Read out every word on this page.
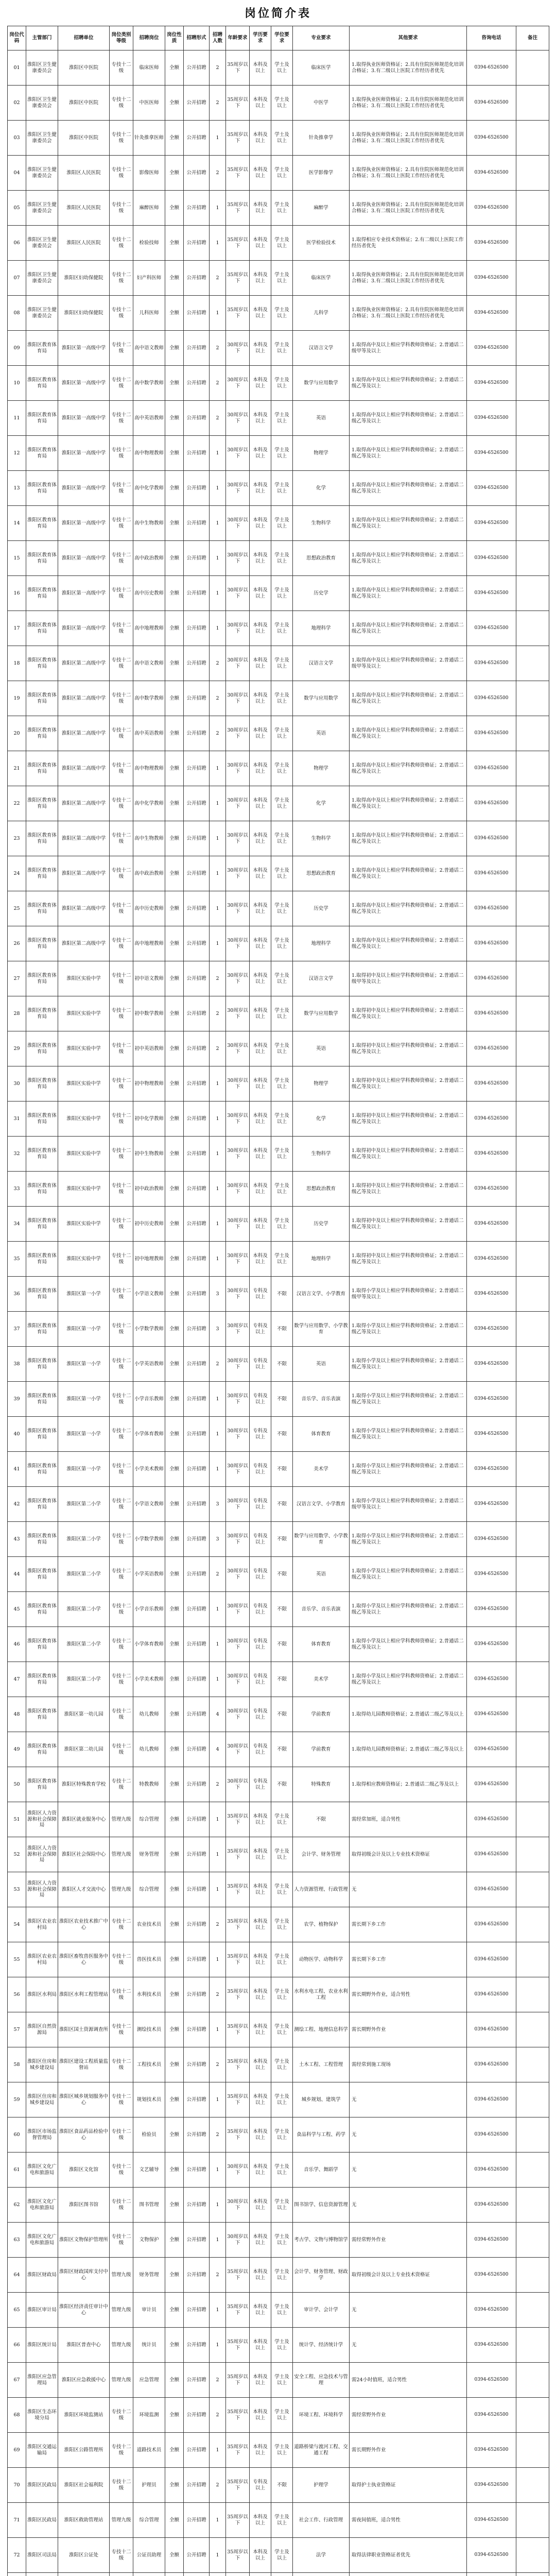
岗位简介表
岗位代码	主管部门	招聘单位	岗位类别等级	招聘岗位	岗位性质	招聘形式	招聘人数	年龄要求	学历要求	学位要求	专业要求	其他要求	咨询电话	备注
01	淮阳区卫生健康委员会	淮阳区中医院	专技十二级	临床医师	全额	公开招聘	2	35周岁以下	本科及以上	学士及以上	临床医学	1.取得执业医师资格证；2.具有住院医师规范化培训合格证；3.有二级以上医院工作经历者优先	0394-6526500	
02	淮阳区卫生健康委员会	淮阳区中医院	专技十二级	中医医师	全额	公开招聘	2	35周岁以下	本科及以上	学士及以上	中医学	1.取得执业医师资格证；2.具有住院医师规范化培训合格证；3.有二级以上医院工作经历者优先	0394-6526500	
03	淮阳区卫生健康委员会	淮阳区中医院	专技十二级	针灸推拿医师	全额	公开招聘	1	35周岁以下	本科及以上	学士及以上	针灸推拿学	1.取得执业医师资格证；2.具有住院医师规范化培训合格证；3.有二级以上医院工作经历者优先	0394-6526500	
04	淮阳区卫生健康委员会	淮阳区人民医院	专技十二级	影像医师	全额	公开招聘	2	35周岁以下	本科及以上	学士及以上	医学影像学	1.取得执业医师资格证；2.具有住院医师规范化培训合格证；3.有二级以上医院工作经历者优先	0394-6526500	
05	淮阳区卫生健康委员会	淮阳区人民医院	专技十二级	麻醉医师	全额	公开招聘	1	35周岁以下	本科及以上	学士及以上	麻醉学	1.取得执业医师资格证；2.具有住院医师规范化培训合格证；3.有二级以上医院工作经历者优先	0394-6526500	
06	淮阳区卫生健康委员会	淮阳区人民医院	专技十二级	检验技师	全额	公开招聘	1	35周岁以下	本科及以上	学士及以上	医学检验技术	1.取得相应专业技术资格证；2.有二级以上医院工作经历者优先	0394-6526500	
07	淮阳区卫生健康委员会	淮阳区妇幼保健院	专技十二级	妇产科医师	全额	公开招聘	2	35周岁以下	本科及以上	学士及以上	临床医学	1.取得执业医师资格证；2.具有住院医师规范化培训合格证；3.有二级以上医院工作经历者优先	0394-6526500	
08	淮阳区卫生健康委员会	淮阳区妇幼保健院	专技十二级	儿科医师	全额	公开招聘	1	35周岁以下	本科及以上	学士及以上	儿科学	1.取得执业医师资格证；2.具有住院医师规范化培训合格证；3.有二级以上医院工作经历者优先	0394-6526500	
09	淮阳区教育体育局	淮阳区第一高级中学	专技十二级	高中语文教师	全额	公开招聘	2	30周岁以下	本科及以上	学士及以上	汉语言文学	1.取得高中及以上相应学科教师资格证；2.普通话二级甲等及以上	0394-6526500	
10	淮阳区教育体育局	淮阳区第一高级中学	专技十二级	高中数学教师	全额	公开招聘	2	30周岁以下	本科及以上	学士及以上	数学与应用数学	1.取得高中及以上相应学科教师资格证；2.普通话二级乙等及以上	0394-6526500	
11	淮阳区教育体育局	淮阳区第一高级中学	专技十二级	高中英语教师	全额	公开招聘	2	30周岁以下	本科及以上	学士及以上	英语	1.取得高中及以上相应学科教师资格证；2.普通话二级乙等及以上	0394-6526500	
12	淮阳区教育体育局	淮阳区第一高级中学	专技十二级	高中物理教师	全额	公开招聘	1	30周岁以下	本科及以上	学士及以上	物理学	1.取得高中及以上相应学科教师资格证；2.普通话二级乙等及以上	0394-6526500	
13	淮阳区教育体育局	淮阳区第一高级中学	专技十二级	高中化学教师	全额	公开招聘	1	30周岁以下	本科及以上	学士及以上	化学	1.取得高中及以上相应学科教师资格证；2.普通话二级乙等及以上	0394-6526500	
14	淮阳区教育体育局	淮阳区第一高级中学	专技十二级	高中生物教师	全额	公开招聘	1	30周岁以下	本科及以上	学士及以上	生物科学	1.取得高中及以上相应学科教师资格证；2.普通话二级乙等及以上	0394-6526500	
15	淮阳区教育体育局	淮阳区第一高级中学	专技十二级	高中政治教师	全额	公开招聘	1	30周岁以下	本科及以上	学士及以上	思想政治教育	1.取得高中及以上相应学科教师资格证；2.普通话二级乙等及以上	0394-6526500	
16	淮阳区教育体育局	淮阳区第一高级中学	专技十二级	高中历史教师	全额	公开招聘	1	30周岁以下	本科及以上	学士及以上	历史学	1.取得高中及以上相应学科教师资格证；2.普通话二级乙等及以上	0394-6526500	
17	淮阳区教育体育局	淮阳区第一高级中学	专技十二级	高中地理教师	全额	公开招聘	1	30周岁以下	本科及以上	学士及以上	地理科学	1.取得高中及以上相应学科教师资格证；2.普通话二级乙等及以上	0394-6526500	
18	淮阳区教育体育局	淮阳区第二高级中学	专技十二级	高中语文教师	全额	公开招聘	2	30周岁以下	本科及以上	学士及以上	汉语言文学	1.取得高中及以上相应学科教师资格证；2.普通话二级甲等及以上	0394-6526500	
19	淮阳区教育体育局	淮阳区第二高级中学	专技十二级	高中数学教师	全额	公开招聘	2	30周岁以下	本科及以上	学士及以上	数学与应用数学	1.取得高中及以上相应学科教师资格证；2.普通话二级乙等及以上	0394-6526500	
20	淮阳区教育体育局	淮阳区第二高级中学	专技十二级	高中英语教师	全额	公开招聘	2	30周岁以下	本科及以上	学士及以上	英语	1.取得高中及以上相应学科教师资格证；2.普通话二级乙等及以上	0394-6526500	
21	淮阳区教育体育局	淮阳区第二高级中学	专技十二级	高中物理教师	全额	公开招聘	1	30周岁以下	本科及以上	学士及以上	物理学	1.取得高中及以上相应学科教师资格证；2.普通话二级乙等及以上	0394-6526500	
22	淮阳区教育体育局	淮阳区第二高级中学	专技十二级	高中化学教师	全额	公开招聘	1	30周岁以下	本科及以上	学士及以上	化学	1.取得高中及以上相应学科教师资格证；2.普通话二级乙等及以上	0394-6526500	
23	淮阳区教育体育局	淮阳区第二高级中学	专技十二级	高中生物教师	全额	公开招聘	1	30周岁以下	本科及以上	学士及以上	生物科学	1.取得高中及以上相应学科教师资格证；2.普通话二级乙等及以上	0394-6526500	
24	淮阳区教育体育局	淮阳区第二高级中学	专技十二级	高中政治教师	全额	公开招聘	1	30周岁以下	本科及以上	学士及以上	思想政治教育	1.取得高中及以上相应学科教师资格证；2.普通话二级乙等及以上	0394-6526500	
25	淮阳区教育体育局	淮阳区第二高级中学	专技十二级	高中历史教师	全额	公开招聘	1	30周岁以下	本科及以上	学士及以上	历史学	1.取得高中及以上相应学科教师资格证；2.普通话二级乙等及以上	0394-6526500	
26	淮阳区教育体育局	淮阳区第二高级中学	专技十二级	高中地理教师	全额	公开招聘	1	30周岁以下	本科及以上	学士及以上	地理科学	1.取得高中及以上相应学科教师资格证；2.普通话二级乙等及以上	0394-6526500	
27	淮阳区教育体育局	淮阳区实验中学	专技十二级	初中语文教师	全额	公开招聘	2	30周岁以下	本科及以上	学士及以上	汉语言文学	1.取得初中及以上相应学科教师资格证；2.普通话二级甲等及以上	0394-6526500	
28	淮阳区教育体育局	淮阳区实验中学	专技十二级	初中数学教师	全额	公开招聘	2	30周岁以下	本科及以上	学士及以上	数学与应用数学	1.取得初中及以上相应学科教师资格证；2.普通话二级乙等及以上	0394-6526500	
29	淮阳区教育体育局	淮阳区实验中学	专技十二级	初中英语教师	全额	公开招聘	2	30周岁以下	本科及以上	学士及以上	英语	1.取得初中及以上相应学科教师资格证；2.普通话二级乙等及以上	0394-6526500	
30	淮阳区教育体育局	淮阳区实验中学	专技十二级	初中物理教师	全额	公开招聘	1	30周岁以下	本科及以上	学士及以上	物理学	1.取得初中及以上相应学科教师资格证；2.普通话二级乙等及以上	0394-6526500	
31	淮阳区教育体育局	淮阳区实验中学	专技十二级	初中化学教师	全额	公开招聘	1	30周岁以下	本科及以上	学士及以上	化学	1.取得初中及以上相应学科教师资格证；2.普通话二级乙等及以上	0394-6526500	
32	淮阳区教育体育局	淮阳区实验中学	专技十二级	初中生物教师	全额	公开招聘	1	30周岁以下	本科及以上	学士及以上	生物科学	1.取得初中及以上相应学科教师资格证；2.普通话二级乙等及以上	0394-6526500	
33	淮阳区教育体育局	淮阳区实验中学	专技十二级	初中政治教师	全额	公开招聘	1	30周岁以下	本科及以上	学士及以上	思想政治教育	1.取得初中及以上相应学科教师资格证；2.普通话二级乙等及以上	0394-6526500	
34	淮阳区教育体育局	淮阳区实验中学	专技十二级	初中历史教师	全额	公开招聘	1	30周岁以下	本科及以上	学士及以上	历史学	1.取得初中及以上相应学科教师资格证；2.普通话二级乙等及以上	0394-6526500	
35	淮阳区教育体育局	淮阳区实验中学	专技十二级	初中地理教师	全额	公开招聘	1	30周岁以下	本科及以上	学士及以上	地理科学	1.取得初中及以上相应学科教师资格证；2.普通话二级乙等及以上	0394-6526500	
36	淮阳区教育体育局	淮阳区第一小学	专技十二级	小学语文教师	全额	公开招聘	3	30周岁以下	专科及以上	不限	汉语言文学、小学教育	1.取得小学及以上相应学科教师资格证；2.普通话二级甲等及以上	0394-6526500	
37	淮阳区教育体育局	淮阳区第一小学	专技十二级	小学数学教师	全额	公开招聘	3	30周岁以下	专科及以上	不限	数学与应用数学、小学教育	1.取得小学及以上相应学科教师资格证；2.普通话二级乙等及以上	0394-6526500	
38	淮阳区教育体育局	淮阳区第一小学	专技十二级	小学英语教师	全额	公开招聘	2	30周岁以下	专科及以上	不限	英语	1.取得小学及以上相应学科教师资格证；2.普通话二级乙等及以上	0394-6526500	
39	淮阳区教育体育局	淮阳区第一小学	专技十二级	小学音乐教师	全额	公开招聘	1	30周岁以下	专科及以上	不限	音乐学、音乐表演	1.取得小学及以上相应学科教师资格证；2.普通话二级乙等及以上	0394-6526500	
40	淮阳区教育体育局	淮阳区第一小学	专技十二级	小学体育教师	全额	公开招聘	1	30周岁以下	专科及以上	不限	体育教育	1.取得小学及以上相应学科教师资格证；2.普通话二级乙等及以上	0394-6526500	
41	淮阳区教育体育局	淮阳区第一小学	专技十二级	小学美术教师	全额	公开招聘	1	30周岁以下	专科及以上	不限	美术学	1.取得小学及以上相应学科教师资格证；2.普通话二级乙等及以上	0394-6526500	
42	淮阳区教育体育局	淮阳区第二小学	专技十二级	小学语文教师	全额	公开招聘	3	30周岁以下	专科及以上	不限	汉语言文学、小学教育	1.取得小学及以上相应学科教师资格证；2.普通话二级甲等及以上	0394-6526500	
43	淮阳区教育体育局	淮阳区第二小学	专技十二级	小学数学教师	全额	公开招聘	3	30周岁以下	专科及以上	不限	数学与应用数学、小学教育	1.取得小学及以上相应学科教师资格证；2.普通话二级乙等及以上	0394-6526500	
44	淮阳区教育体育局	淮阳区第二小学	专技十二级	小学英语教师	全额	公开招聘	2	30周岁以下	专科及以上	不限	英语	1.取得小学及以上相应学科教师资格证；2.普通话二级乙等及以上	0394-6526500	
45	淮阳区教育体育局	淮阳区第二小学	专技十二级	小学音乐教师	全额	公开招聘	1	30周岁以下	专科及以上	不限	音乐学、音乐表演	1.取得小学及以上相应学科教师资格证；2.普通话二级乙等及以上	0394-6526500	
46	淮阳区教育体育局	淮阳区第二小学	专技十二级	小学体育教师	全额	公开招聘	1	30周岁以下	专科及以上	不限	体育教育	1.取得小学及以上相应学科教师资格证；2.普通话二级乙等及以上	0394-6526500	
47	淮阳区教育体育局	淮阳区第二小学	专技十二级	小学美术教师	全额	公开招聘	1	30周岁以下	专科及以上	不限	美术学	1.取得小学及以上相应学科教师资格证；2.普通话二级乙等及以上	0394-6526500	
48	淮阳区教育体育局	淮阳区第一幼儿园	专技十二级	幼儿教师	全额	公开招聘	4	30周岁以下	专科及以上	不限	学前教育	1.取得幼儿园教师资格证；2.普通话二级乙等及以上	0394-6526500	
49	淮阳区教育体育局	淮阳区第二幼儿园	专技十二级	幼儿教师	全额	公开招聘	4	30周岁以下	专科及以上	不限	学前教育	1.取得幼儿园教师资格证；2.普通话二级乙等及以上	0394-6526500	
50	淮阳区教育体育局	淮阳区特殊教育学校	专技十二级	特教教师	全额	公开招聘	2	30周岁以下	专科及以上	不限	特殊教育	1.取得相应教师资格证；2.普通话二级乙等及以上	0394-6526500	
51	淮阳区人力资源和社会保障局	淮阳区就业服务中心	管理九级	综合管理	全额	公开招聘	1	35周岁以下	本科及以上	学士及以上	不限	需经常加班，适合男性	0394-6526500	
52	淮阳区人力资源和社会保障局	淮阳区社会保险中心	管理九级	财务管理	全额	公开招聘	1	35周岁以下	本科及以上	学士及以上	会计学、财务管理	取得初级会计及以上专业技术资格证	0394-6526500	
53	淮阳区人力资源和社会保障局	淮阳区人才交流中心	管理九级	综合管理	全额	公开招聘	1	35周岁以下	本科及以上	学士及以上	人力资源管理、行政管理	无	0394-6526500	
54	淮阳区农业农村局	淮阳区农业技术推广中心	专技十二级	农业技术员	全额	公开招聘	2	35周岁以下	本科及以上	学士及以上	农学、植物保护	需长期下乡工作	0394-6526500	
55	淮阳区农业农村局	淮阳区畜牧兽医服务中心	专技十二级	兽医技术员	全额	公开招聘	1	35周岁以下	本科及以上	学士及以上	动物医学、动物科学	需长期下乡工作	0394-6526500	
56	淮阳区水利局	淮阳区水利工程管理站	专技十二级	水利技术员	全额	公开招聘	2	35周岁以下	本科及以上	学士及以上	水利水电工程、农业水利工程	需长期野外作业，适合男性	0394-6526500	
57	淮阳区自然资源局	淮阳区国土资源调查所	专技十二级	测绘技术员	全额	公开招聘	1	35周岁以下	本科及以上	学士及以上	测绘工程、地理信息科学	需长期野外作业	0394-6526500	
58	淮阳区住房和城乡建设局	淮阳区建设工程质量监督站	专技十二级	工程技术员	全额	公开招聘	2	35周岁以下	本科及以上	学士及以上	土木工程、工程管理	需经常到施工现场	0394-6526500	
59	淮阳区住房和城乡建设局	淮阳区城乡规划服务中心	专技十二级	规划技术员	全额	公开招聘	1	35周岁以下	本科及以上	学士及以上	城乡规划、建筑学	无	0394-6526500	
60	淮阳区市场监督管理局	淮阳区食品药品检验中心	专技十二级	检验员	全额	公开招聘	2	35周岁以下	本科及以上	学士及以上	食品科学与工程、药学	无	0394-6526500	
61	淮阳区文化广电和旅游局	淮阳区文化馆	专技十二级	文艺辅导	全额	公开招聘	1	30周岁以下	本科及以上	学士及以上	音乐学、舞蹈学	无	0394-6526500	
62	淮阳区文化广电和旅游局	淮阳区图书馆	专技十二级	图书管理	全额	公开招聘	1	30周岁以下	本科及以上	学士及以上	图书馆学、信息资源管理	无	0394-6526500	
63	淮阳区文化广电和旅游局	淮阳区文物保护管理所	专技十二级	文物保护	全额	公开招聘	1	30周岁以下	本科及以上	学士及以上	考古学、文物与博物馆学	需经常野外作业	0394-6526500	
64	淮阳区财政局	淮阳区财政国库支付中心	管理九级	财务管理	全额	公开招聘	2	35周岁以下	本科及以上	学士及以上	会计学、财务管理、财政学	取得初级会计及以上专业技术资格证	0394-6526500	
65	淮阳区审计局	淮阳区经济责任审计中心	管理九级	审计员	全额	公开招聘	1	35周岁以下	本科及以上	学士及以上	审计学、会计学	无	0394-6526500	
66	淮阳区统计局	淮阳区普查中心	管理九级	统计员	全额	公开招聘	1	35周岁以下	本科及以上	学士及以上	统计学、经济统计学	无	0394-6526500	
67	淮阳区应急管理局	淮阳区应急救援中心	管理九级	应急管理	全额	公开招聘	2	35周岁以下	本科及以上	学士及以上	安全工程、应急技术与管理	需24小时值班，适合男性	0394-6526500	
68	淮阳区生态环境分局	淮阳区环境监测站	专技十二级	环境监测	全额	公开招聘	2	35周岁以下	本科及以上	学士及以上	环境工程、环境科学	需经常野外作业	0394-6526500	
69	淮阳区交通运输局	淮阳区公路管理所	专技十二级	道路技术员	全额	公开招聘	1	35周岁以下	本科及以上	学士及以上	道路桥梁与渡河工程、交通工程	需长期野外作业	0394-6526500	
70	淮阳区民政局	淮阳区社会福利院	专技十二级	护理员	全额	公开招聘	2	35周岁以下	专科及以上	不限	护理学	取得护士执业资格证	0394-6526500	
71	淮阳区民政局	淮阳区救助管理站	管理九级	综合管理	全额	公开招聘	1	35周岁以下	本科及以上	学士及以上	社会工作、行政管理	需夜间值班，适合男性	0394-6526500	
72	淮阳区司法局	淮阳区公证处	专技十二级	公证员助理	全额	公开招聘	1	35周岁以下	本科及以上	学士及以上	法学	取得法律职业资格证者优先	0394-6526500	
